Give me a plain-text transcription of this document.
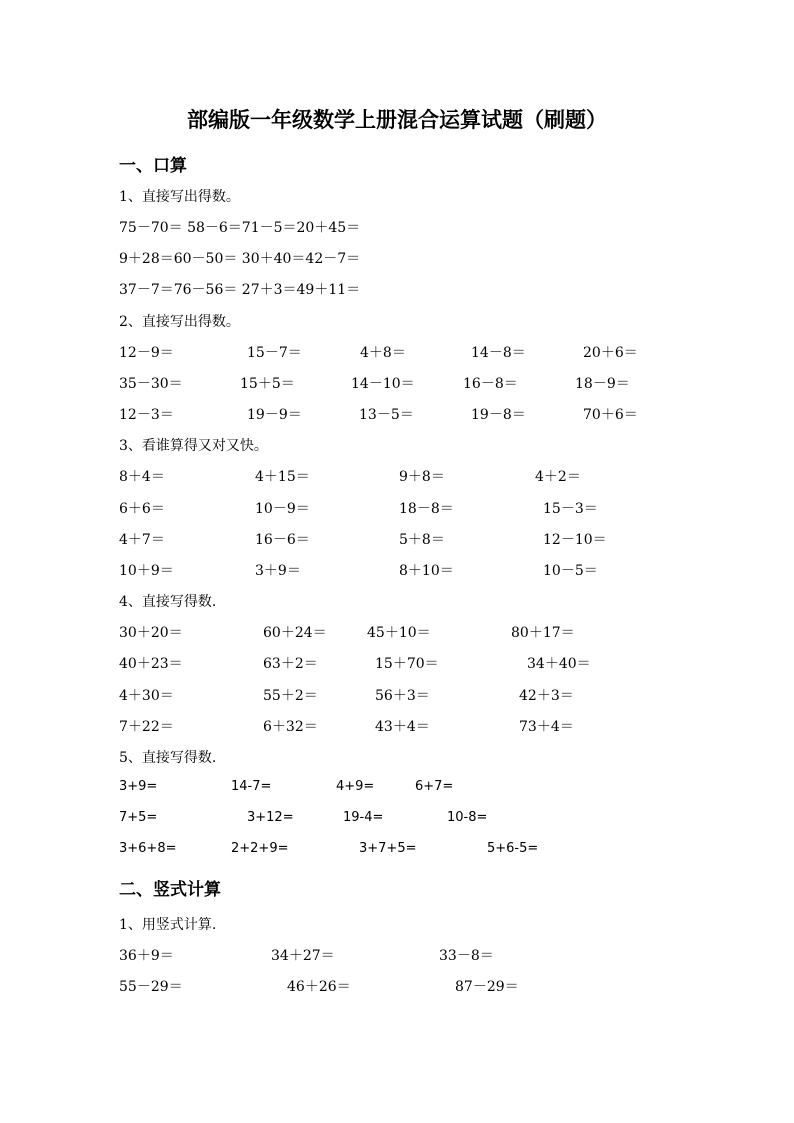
部编版一年级数学上册混合运算试题（刷题）
一、口算
1、直接写出得数。
75－70＝ 58－6＝71－5＝20＋45＝
9＋28＝60－50＝ 30＋40＝42－7＝
37－7＝76－56＝ 27＋3＝49＋11＝
2、直接写出得数。
12－9＝	15－7＝	4＋8＝	14－8＝	20＋6＝
35－30＝	15＋5＝	14－10＝	16－8＝	18－9＝
12－3＝	19－9＝	13－5＝	19－8＝	70＋6＝
3、看谁算得又对又快。
8＋4＝	4＋15＝	9＋8＝	4＋2＝
6＋6＝	10－9＝	18－8＝	15－3＝
4＋7＝	16－6＝	5＋8＝	12－10＝
10＋9＝	3＋9＝	8＋10＝	10－5＝
4、直接写得数.
30＋20＝	60＋24＝	45＋10＝	80＋17＝
40＋23＝	63＋2＝	15＋70＝	34＋40＝
4＋30＝	55＋2＝	56＋3＝	42＋3＝
7＋22＝	6＋32＝	43＋4＝	73＋4＝
5、直接写得数.
3+9=	14-7=	4+9=	6+7=
7+5=	3+12=	19-4=	10-8=
3+6+8=	2+2+9=	3+7+5=	5+6-5=
二、竖式计算
1、用竖式计算.
36＋9＝	34＋27＝	33－8＝
55－29＝	46＋26＝	87－29＝
